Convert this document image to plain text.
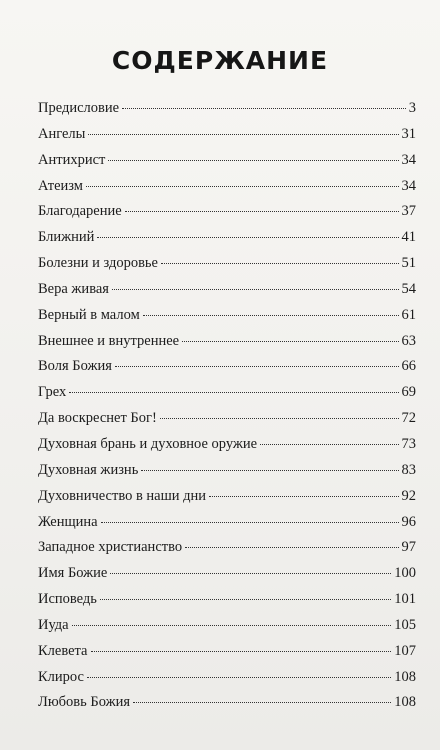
СОДЕРЖАНИЕ
Предисловие	3
Ангелы	31
Антихрист	34
Атеизм	34
Благодарение	37
Ближний	41
Болезни и здоровье	51
Вера живая	54
Верный в малом	61
Внешнее и внутреннее	63
Воля Божия	66
Грех	69
Да воскреснет Бог!	72
Духовная брань и духовное оружие	73
Духовная жизнь	83
Духовничество в наши дни	92
Женщина	96
Западное христианство	97
Имя Божие	100
Исповедь	101
Иуда	105
Клевета	107
Клирос	108
Любовь Божия	108
